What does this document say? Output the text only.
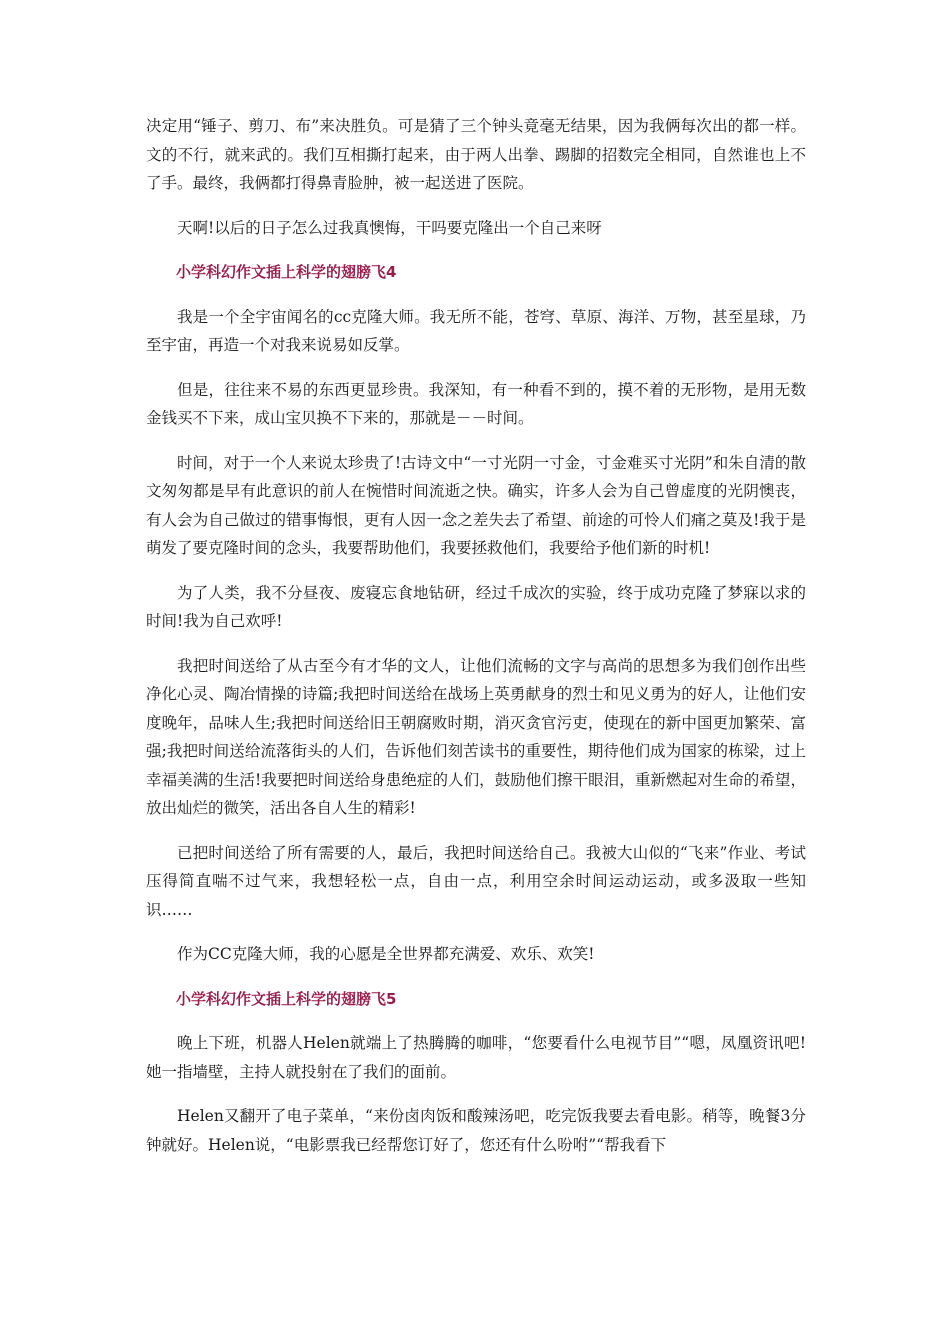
决定用“锤子、剪刀、布”来决胜负。可是猜了三个钟头竟毫无结果，因为我俩每次出的都一样。文的不行，就来武的。我们互相撕打起来，由于两人出拳、踢脚的招数完全相同，自然谁也上不了手。最终，我俩都打得鼻青脸肿，被一起送进了医院。

天啊!以后的日子怎么过我真懊悔，干吗要克隆出一个自己来呀

小学科幻作文插上科学的翅膀飞4

我是一个全宇宙闻名的cc克隆大师。我无所不能，苍穹、草原、海洋、万物，甚至星球，乃至宇宙，再造一个对我来说易如反掌。

但是，往往来不易的东西更显珍贵。我深知，有一种看不到的，摸不着的无形物，是用无数金钱买不下来，成山宝贝换不下来的，那就是－－时间。

时间，对于一个人来说太珍贵了!古诗文中“一寸光阴一寸金，寸金难买寸光阴”和朱自清的散文匆匆都是早有此意识的前人在惋惜时间流逝之快。确实，许多人会为自己曾虚度的光阴懊丧，有人会为自己做过的错事悔恨，更有人因一念之差失去了希望、前途的可怜人们痛之莫及!我于是萌发了要克隆时间的念头，我要帮助他们，我要拯救他们，我要给予他们新的时机!

为了人类，我不分昼夜、废寝忘食地钻研，经过千成次的实验，终于成功克隆了梦寐以求的时间!我为自己欢呼!

我把时间送给了从古至今有才华的文人，让他们流畅的文字与高尚的思想多为我们创作出些净化心灵、陶冶情操的诗篇;我把时间送给在战场上英勇献身的烈士和见义勇为的好人，让他们安度晚年，品味人生;我把时间送给旧王朝腐败时期，消灭贪官污吏，使现在的新中国更加繁荣、富强;我把时间送给流落街头的人们，告诉他们刻苦读书的重要性，期待他们成为国家的栋梁，过上幸福美满的生活!我要把时间送给身患绝症的人们，鼓励他们擦干眼泪，重新燃起对生命的希望，放出灿烂的微笑，活出各自人生的精彩!

已把时间送给了所有需要的人，最后，我把时间送给自己。我被大山似的“飞来”作业、考试压得简直喘不过气来，我想轻松一点，自由一点，利用空余时间运动运动，或多汲取一些知识……

作为CC克隆大师，我的心愿是全世界都充满爱、欢乐、欢笑!

小学科幻作文插上科学的翅膀飞5

晚上下班，机器人Helen就端上了热腾腾的咖啡，“您要看什么电视节目”“嗯，凤凰资讯吧!她一指墙壁，主持人就投射在了我们的面前。

Helen又翻开了电子菜单，“来份卤肉饭和酸辣汤吧，吃完饭我要去看电影。稍等，晚餐3分钟就好。Helen说，“电影票我已经帮您订好了，您还有什么吩咐”“帮我看下
